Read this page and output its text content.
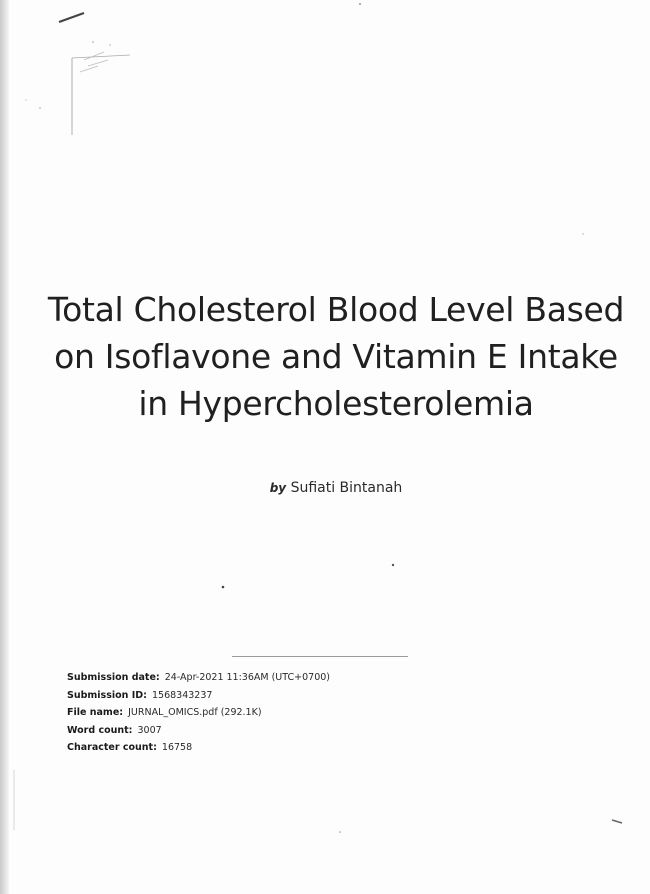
Total Cholesterol Blood Level Based on Isoflavone and Vitamin E Intake in Hypercholesterolemia
by Sufiati Bintanah
Submission date: 24-Apr-2021 11:36AM (UTC+0700)
Submission ID: 1568343237
File name: JURNAL_OMICS.pdf (292.1K)
Word count: 3007
Character count: 16758
